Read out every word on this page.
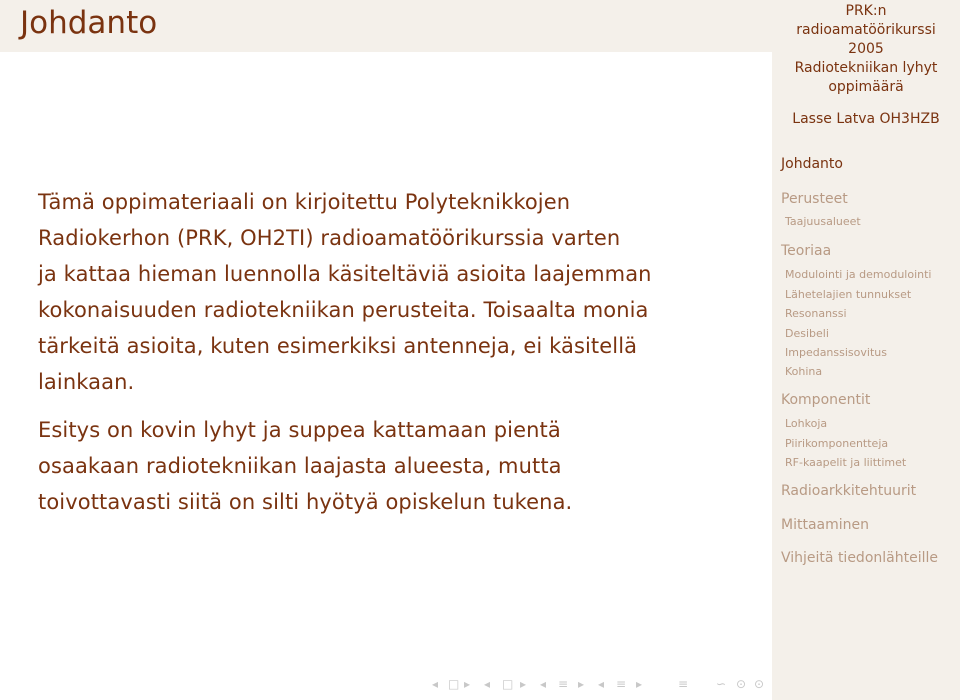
Johdanto	PRK:n
radioamatöörikurssi
2005
Radiotekniikan lyhyt
oppimäärä
Lasse Latva OH3HZB
Johdanto
Perusteet
Taajuusalueet
Teoriaa
Modulointi ja demodulointi
Lähetelajien tunnukset
Resonanssi
Desibeli
Impedanssisovitus
Kohina
Komponentit
Lohkoja
Piirikomponentteja
RF-kaapelit ja liittimet
Radioarkkitehtuurit
Mittaaminen
Vihjeitä tiedonlähteille

Tämä oppimateriaali on kirjoitettu Polyteknikkojen
Radiokerhon (PRK, OH2TI) radioamatöörikurssia varten
ja kattaa hieman luennolla käsiteltäviä asioita laajemman
kokonaisuuden radiotekniikan perusteita. Toisaalta monia
tärkeitä asioita, kuten esimerkiksi antenneja, ei käsitellä
lainkaan.

Esitys on kovin lyhyt ja suppea kattamaan pientä
osaakaan radiotekniikan laajasta alueesta, mutta
toivottavasti siitä on silti hyötyä opiskelun tukena.

◂ □ ▸ ◂ □ ▸ ◂ ≡ ▸ ◂ ≡ ▸	≡ ∽ ⊙ ⊙
